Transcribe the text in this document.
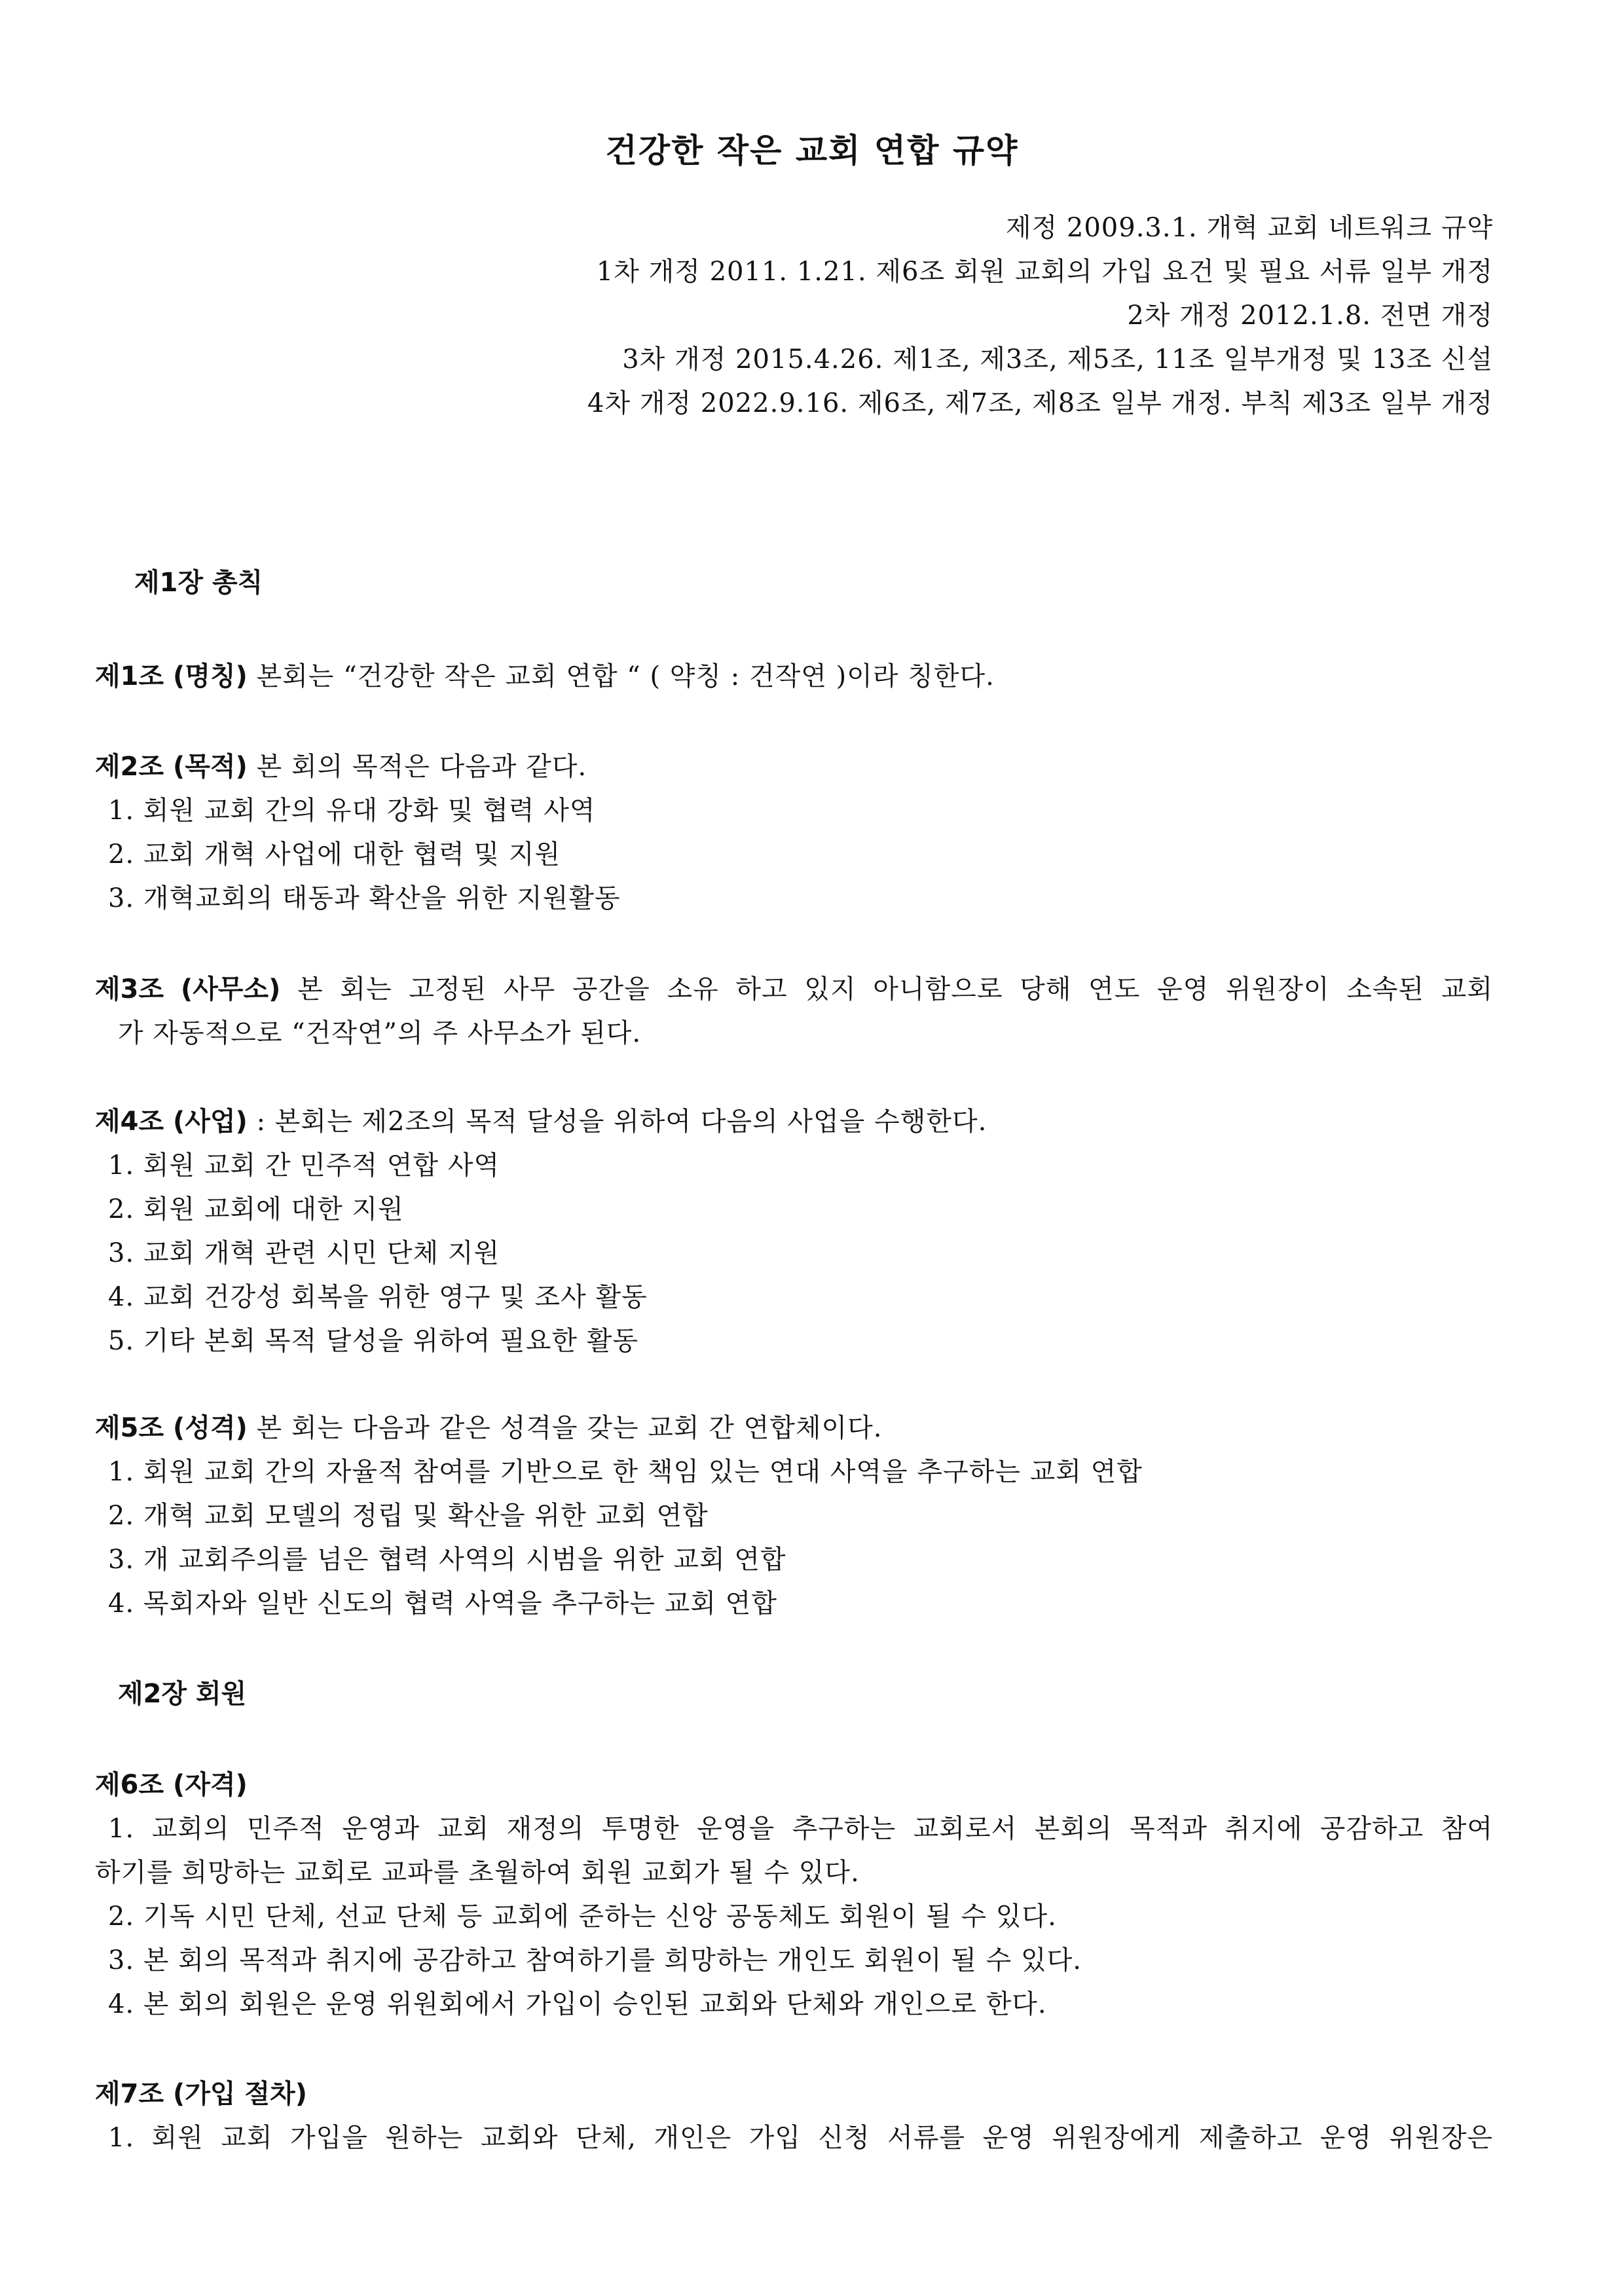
건강한 작은 교회 연합 규약
제정 2009.3.1. 개혁 교회 네트워크 규약
1차 개정 2011. 1.21. 제6조 회원 교회의 가입 요건 및 필요 서류 일부 개정
2차 개정 2012.1.8. 전면 개정
3차 개정 2015.4.26. 제1조, 제3조, 제5조, 11조 일부개정 및 13조 신설
4차 개정 2022.9.16. 제6조, 제7조, 제8조 일부 개정. 부칙 제3조 일부 개정
제1장 총칙
제1조 (명칭) 본회는 “건강한 작은 교회 연합 “ ( 약칭 : 건작연 )이라 칭한다.
제2조 (목적) 본 회의 목적은 다음과 같다.
1. 회원 교회 간의 유대 강화 및 협력 사역
2. 교회 개혁 사업에 대한 협력 및 지원
3. 개혁교회의 태동과 확산을 위한 지원활동
제3조 (사무소) 본 회는 고정된 사무 공간을 소유 하고 있지 아니함으로 당해 연도 운영 위원장이 소속된 교회
가 자동적으로 “건작연”의 주 사무소가 된다.
제4조 (사업) : 본회는 제2조의 목적 달성을 위하여 다음의 사업을 수행한다.
1. 회원 교회 간 민주적 연합 사역
2. 회원 교회에 대한 지원
3. 교회 개혁 관련 시민 단체 지원
4. 교회 건강성 회복을 위한 영구 및 조사 활동
5. 기타 본회 목적 달성을 위하여 필요한 활동
제5조 (성격) 본 회는 다음과 같은 성격을 갖는 교회 간 연합체이다.
1. 회원 교회 간의 자율적 참여를 기반으로 한 책임 있는 연대 사역을 추구하는 교회 연합
2. 개혁 교회 모델의 정립 및 확산을 위한 교회 연합
3. 개 교회주의를 넘은 협력 사역의 시범을 위한 교회 연합
4. 목회자와 일반 신도의 협력 사역을 추구하는 교회 연합
제2장 회원
제6조 (자격)
1. 교회의 민주적 운영과 교회 재정의 투명한 운영을 추구하는 교회로서 본회의 목적과 취지에 공감하고 참여
하기를 희망하는 교회로 교파를 초월하여 회원 교회가 될 수 있다.
2. 기독 시민 단체, 선교 단체 등 교회에 준하는 신앙 공동체도 회원이 될 수 있다.
3. 본 회의 목적과 취지에 공감하고 참여하기를 희망하는 개인도 회원이 될 수 있다.
4. 본 회의 회원은 운영 위원회에서 가입이 승인된 교회와 단체와 개인으로 한다.
제7조 (가입 절차)
1. 회원 교회 가입을 원하는 교회와 단체, 개인은 가입 신청 서류를 운영 위원장에게 제출하고 운영 위원장은
